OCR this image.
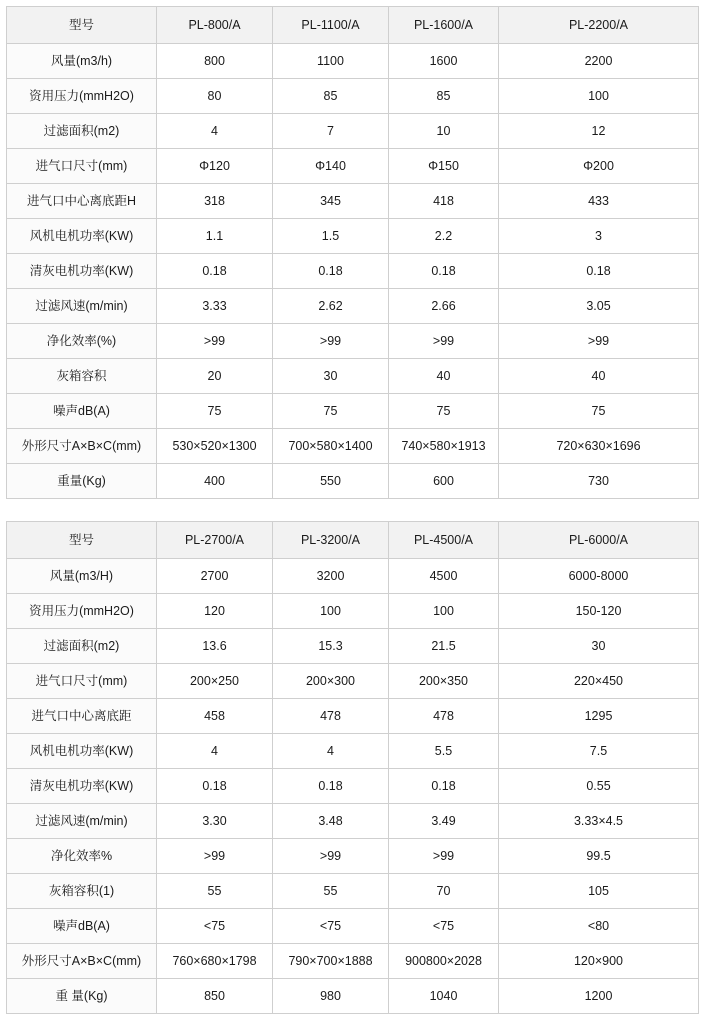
型号	PL-800/A	PL-1100/A	PL-1600/A	PL-2200/A
风量(m3/h)	800	1100	1600	2200
资用压力(mmH2O)	80	85	85	100
过滤面积(m2)	4	7	10	12
进气口尺寸(mm)	Φ120	Φ140	Φ150	Φ200
进气口中心离底距H	318	345	418	433
风机电机功率(KW)	1.1	1.5	2.2	3
清灰电机功率(KW)	0.18	0.18	0.18	0.18
过滤风速(m/min)	3.33	2.62	2.66	3.05
净化效率(%)	>99	>99	>99	>99
灰箱容积	20	30	40	40
噪声dB(A)	75	75	75	75
外形尺寸A×B×C(mm)	530×520×1300	700×580×1400	740×580×1913	720×630×1696
重量(Kg)	400	550	600	730
型号	PL-2700/A	PL-3200/A	PL-4500/A	PL-6000/A
风量(m3/H)	2700	3200	4500	6000-8000
资用压力(mmH2O)	120	100	100	150-120
过滤面积(m2)	13.6	15.3	21.5	30
进气口尺寸(mm)	200×250	200×300	200×350	220×450
进气口中心离底距	458	478	478	1295
风机电机功率(KW)	4	4	5.5	7.5
清灰电机功率(KW)	0.18	0.18	0.18	0.55
过滤风速(m/min)	3.30	3.48	3.49	3.33×4.5
净化效率%	>99	>99	>99	99.5
灰箱容积(1)	55	55	70	105
噪声dB(A)	<75	<75	<75	<80
外形尺寸A×B×C(mm)	760×680×1798	790×700×1888	900800×2028	120×900
重 量(Kg)	850	980	1040	1200
